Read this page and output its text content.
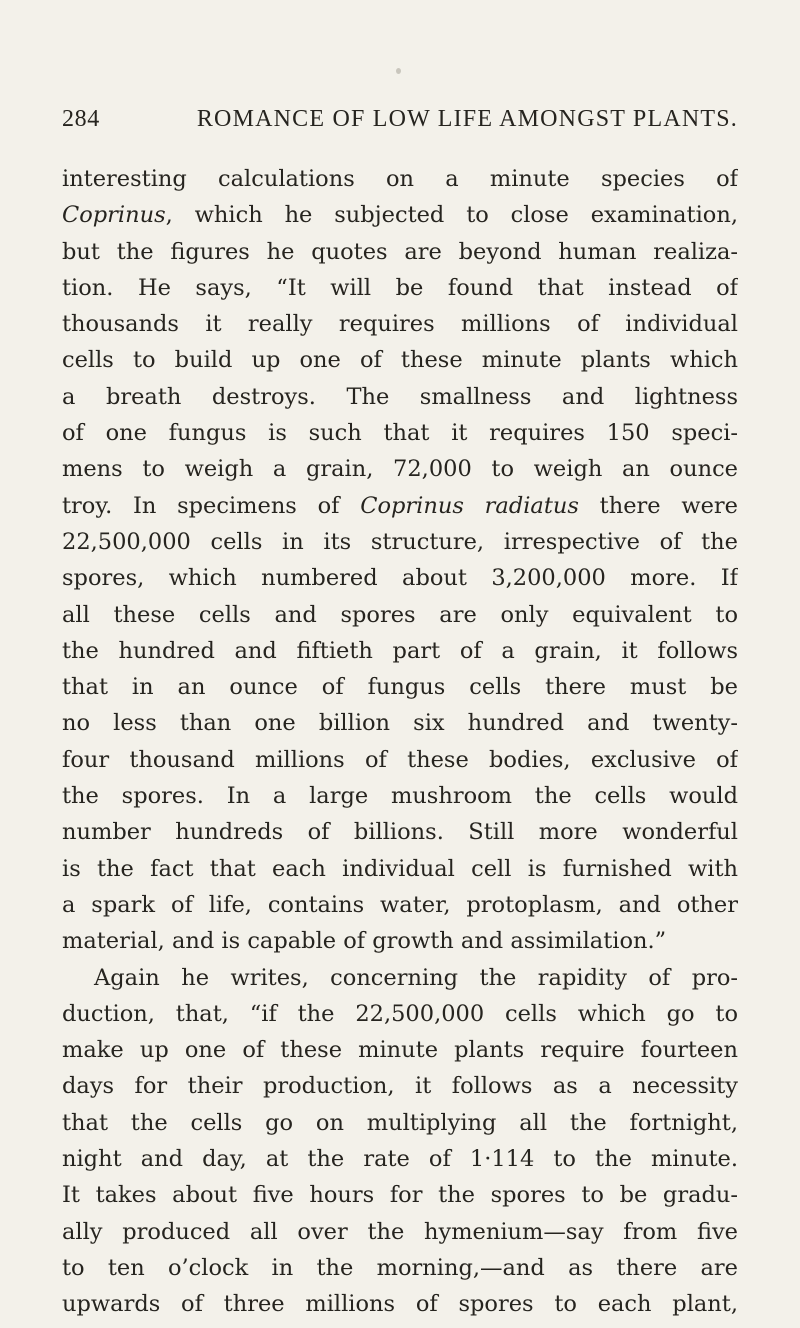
284	ROMANCE OF LOW LIFE AMONGST PLANTS.
interesting calculations on a minute species of
Coprinus, which he subjected to close examination,
but the figures he quotes are beyond human realiza-
tion. He says, “It will be found that instead of
thousands it really requires millions of individual
cells to build up one of these minute plants which
a breath destroys. The smallness and lightness
of one fungus is such that it requires 150 speci-
mens to weigh a grain, 72,000 to weigh an ounce
troy. In specimens of Coprinus radiatus there were
22,500,000 cells in its structure, irrespective of the
spores, which numbered about 3,200,000 more. If
all these cells and spores are only equivalent to
the hundred and fiftieth part of a grain, it follows
that in an ounce of fungus cells there must be
no less than one billion six hundred and twenty-
four thousand millions of these bodies, exclusive of
the spores. In a large mushroom the cells would
number hundreds of billions. Still more wonderful
is the fact that each individual cell is furnished with
a spark of life, contains water, protoplasm, and other
material, and is capable of growth and assimilation.”
Again he writes, concerning the rapidity of pro-
duction, that, “if the 22,500,000 cells which go to
make up one of these minute plants require fourteen
days for their production, it follows as a necessity
that the cells go on multiplying all the fortnight,
night and day, at the rate of 1·114 to the minute.
It takes about five hours for the spores to be gradu-
ally produced all over the hymenium—say from five
to ten o’clock in the morning,—and as there are
upwards of three millions of spores to each plant,
